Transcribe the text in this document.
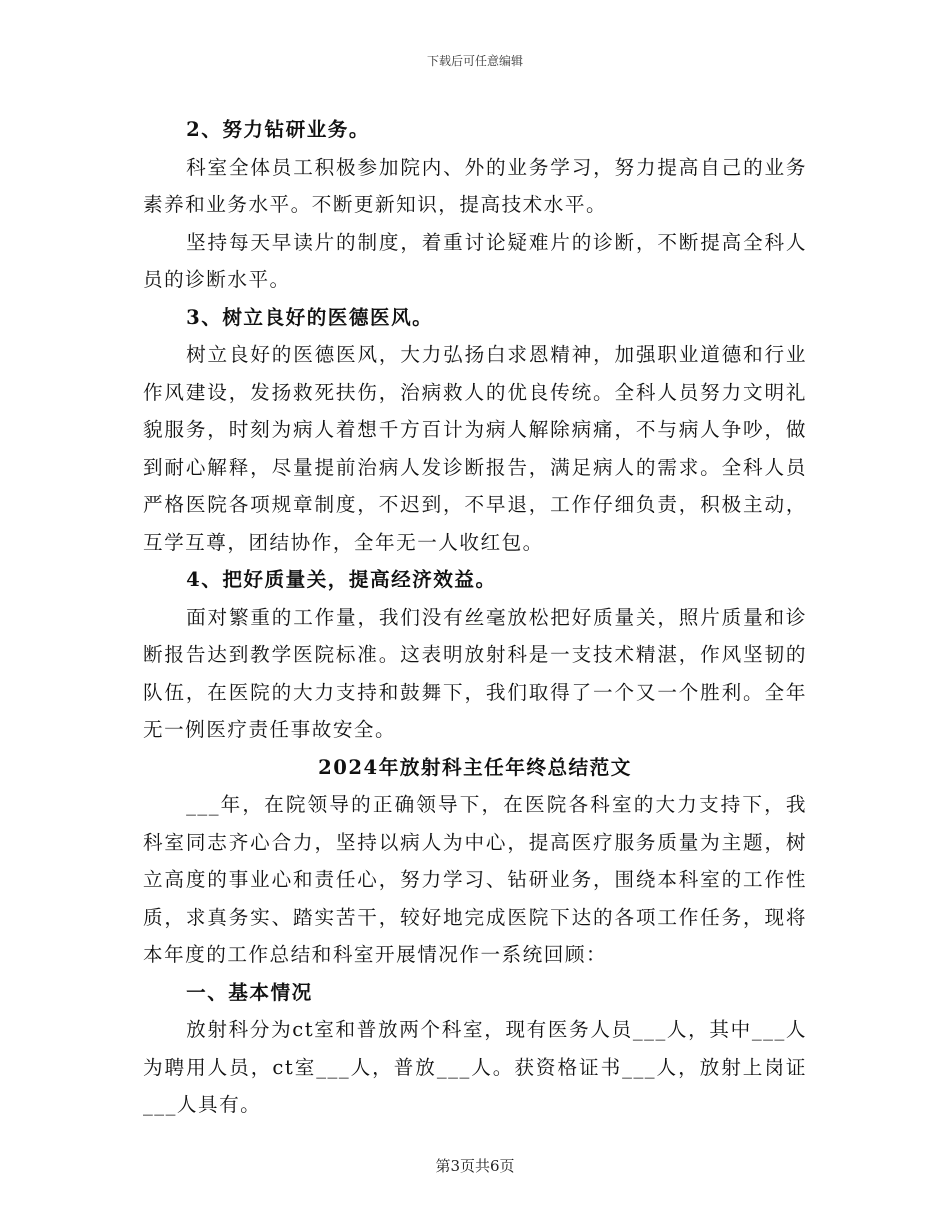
下载后可任意编辑

2、努力钻研业务。

科室全体员工积极参加院内、外的业务学习，努力提高自己的业务素养和业务水平。不断更新知识，提高技术水平。

坚持每天早读片的制度，着重讨论疑难片的诊断，不断提高全科人员的诊断水平。

3、树立良好的医德医风。

树立良好的医德医风，大力弘扬白求恩精神，加强职业道德和行业作风建设，发扬救死扶伤，治病救人的优良传统。全科人员努力文明礼貌服务，时刻为病人着想千方百计为病人解除病痛，不与病人争吵，做到耐心解释，尽量提前治病人发诊断报告，满足病人的需求。全科人员严格医院各项规章制度，不迟到，不早退，工作仔细负责，积极主动，互学互尊，团结协作，全年无一人收红包。

4、把好质量关，提高经济效益。

面对繁重的工作量，我们没有丝毫放松把好质量关，照片质量和诊断报告达到教学医院标准。这表明放射科是一支技术精湛，作风坚韧的队伍，在医院的大力支持和鼓舞下，我们取得了一个又一个胜利。全年无一例医疗责任事故安全。

2024年放射科主任年终总结范文

___年，在院领导的正确领导下，在医院各科室的大力支持下，我科室同志齐心合力，坚持以病人为中心，提高医疗服务质量为主题，树立高度的事业心和责任心，努力学习、钻研业务，围绕本科室的工作性质，求真务实、踏实苦干，较好地完成医院下达的各项工作任务，现将本年度的工作总结和科室开展情况作一系统回顾：

一、基本情况

放射科分为ct室和普放两个科室，现有医务人员___人，其中___人为聘用人员，ct室___人，普放___人。获资格证书___人，放射上岗证___人具有。

第3页共6页
